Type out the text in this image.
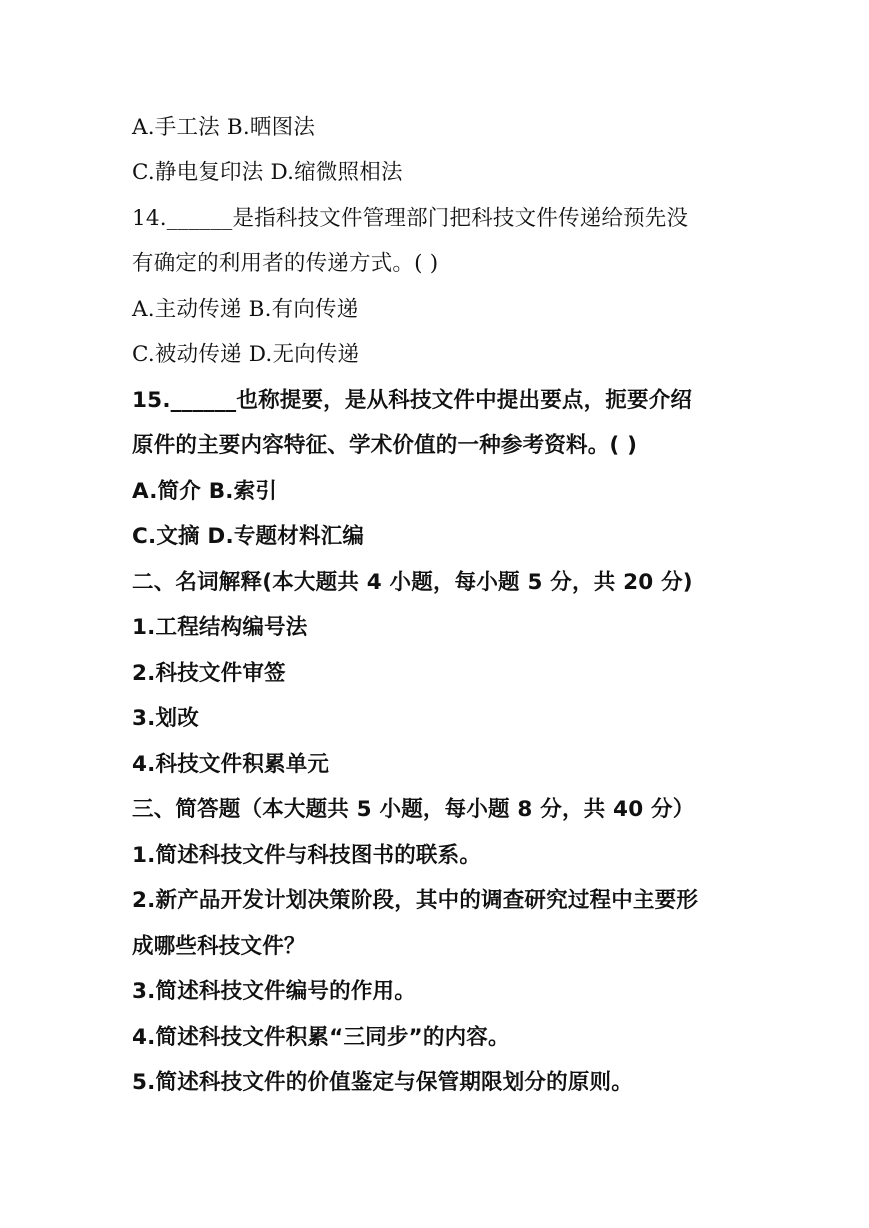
A.手工法 B.晒图法
C.静电复印法 D.缩微照相法
14.______是指科技文件管理部门把科技文件传递给预先没
有确定的利用者的传递方式。( )
A.主动传递 B.有向传递
C.被动传递 D.无向传递
15.______也称提要，是从科技文件中提出要点，扼要介绍
原件的主要内容特征、学术价值的一种参考资料。( )
A.简介 B.索引
C.文摘 D.专题材料汇编
二、名词解释(本大题共 4 小题，每小题 5 分，共 20 分)
1.工程结构编号法
2.科技文件审签
3.划改
4.科技文件积累单元
三、简答题（本大题共 5 小题，每小题 8 分，共 40 分）
1.简述科技文件与科技图书的联系。
2.新产品开发计划决策阶段，其中的调查研究过程中主要形
成哪些科技文件？
3.简述科技文件编号的作用。
4.简述科技文件积累“三同步”的内容。
5.简述科技文件的价值鉴定与保管期限划分的原则。
